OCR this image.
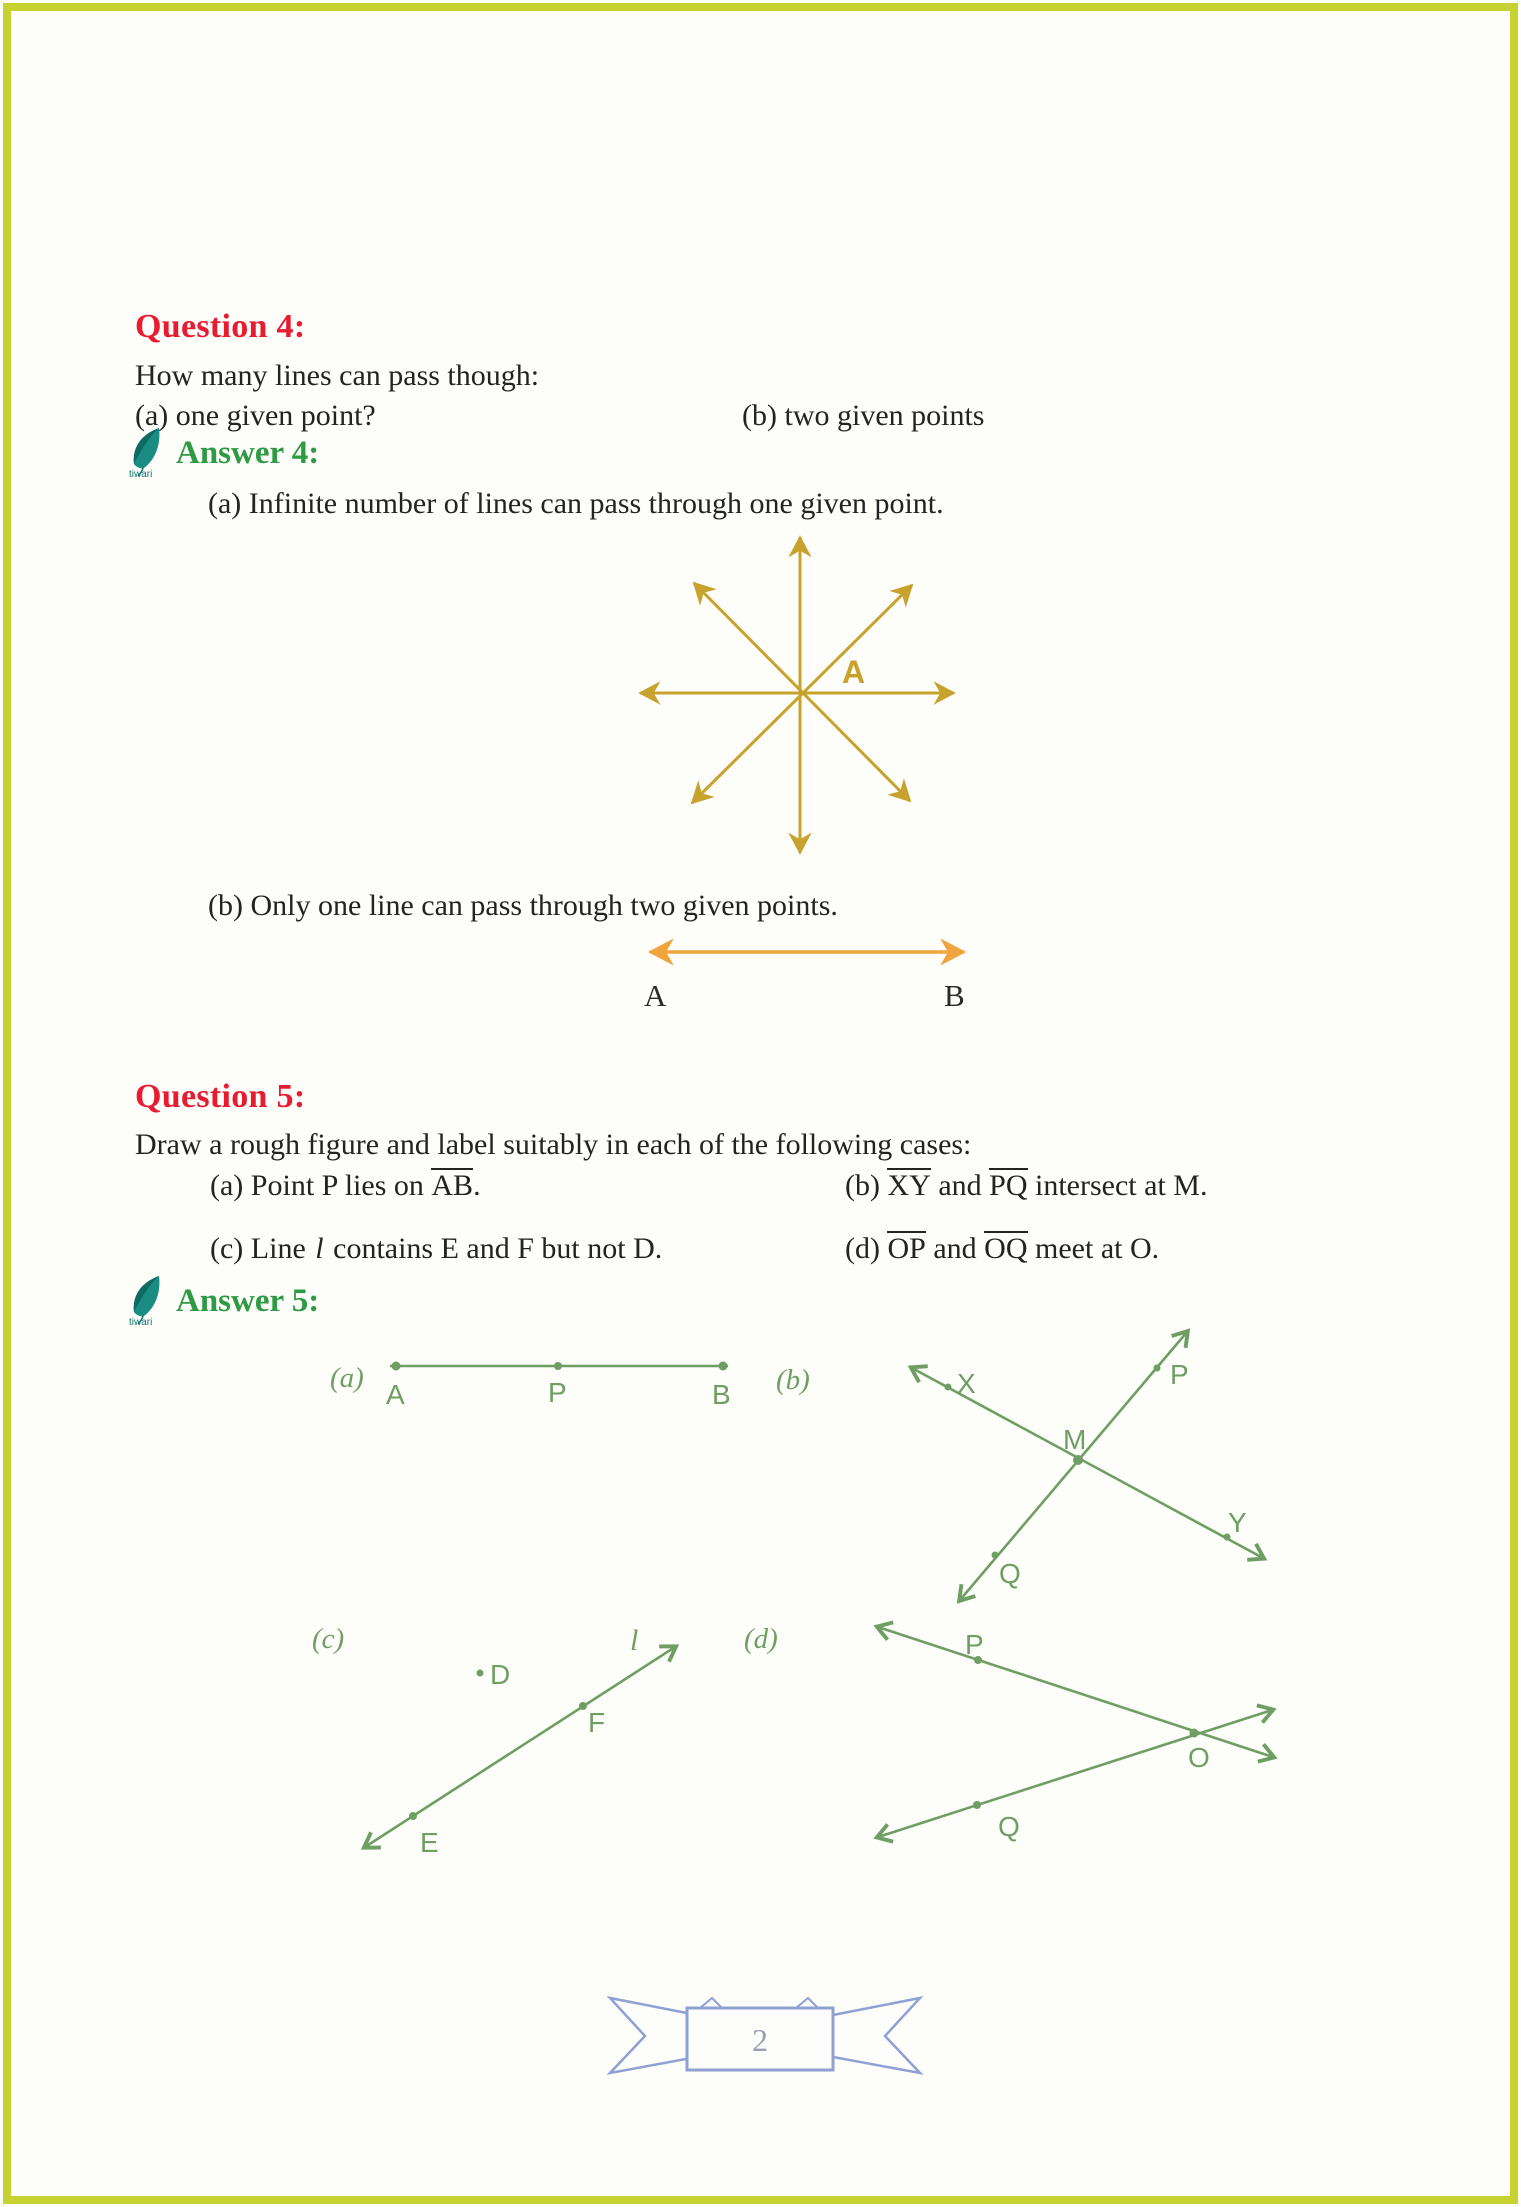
Question 4:
How many lines can pass though:
(a) one given point?	(b) two given points
tiwari
Answer 4:
(a) Infinite number of lines can pass through one given point.
A
(b) Only one line can pass through two given points.
A	B
Question 5:
Draw a rough figure and label suitably in each of the following cases:
(a) Point P lies on AB.	(b) XY and PQ intersect at M.
(c) Line l contains E and F but not D.	(d) OP and OQ meet at O.
tiwari
Answer 5:
(a)	(b)
(c)	(d)
A	P	B	X	P
M
Y
Q
D
F
E
l	P
Q
O
2
